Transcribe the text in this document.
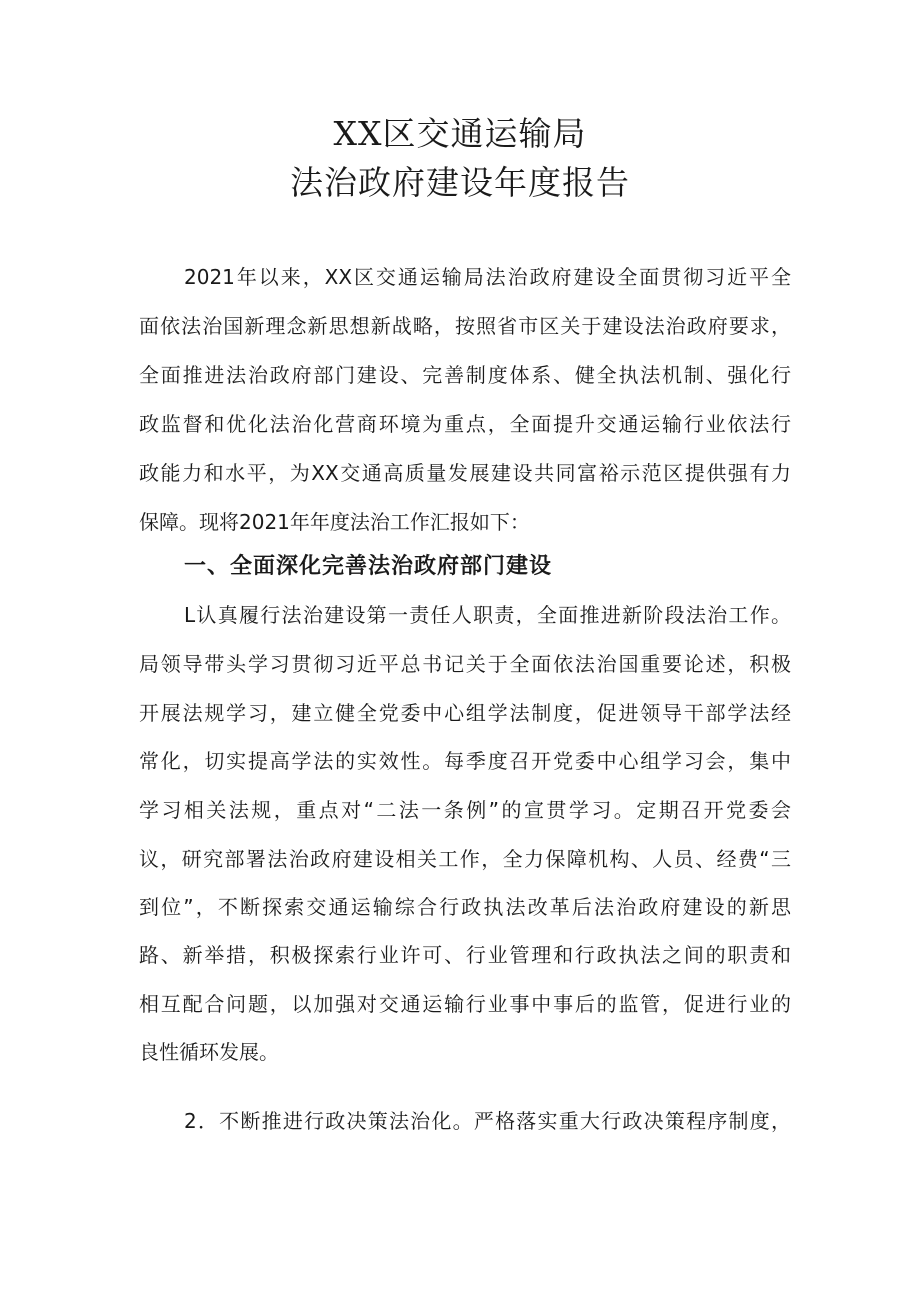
XX区交通运输局
法治政府建设年度报告
2021年以来，XX区交通运输局法治政府建设全面贯彻习近平全
面依法治国新理念新思想新战略，按照省市区关于建设法治政府要求，
全面推进法治政府部门建设、完善制度体系、健全执法机制、强化行
政监督和优化法治化营商环境为重点，全面提升交通运输行业依法行
政能力和水平，为XX交通高质量发展建设共同富裕示范区提供强有力
保障。现将2021年年度法治工作汇报如下：
一、全面深化完善法治政府部门建设
L认真履行法治建设第一责任人职责，全面推进新阶段法治工作。
局领导带头学习贯彻习近平总书记关于全面依法治国重要论述，积极
开展法规学习，建立健全党委中心组学法制度，促进领导干部学法经
常化，切实提高学法的实效性。每季度召开党委中心组学习会，集中
学习相关法规，重点对“二法一条例”的宣贯学习。定期召开党委会
议，研究部署法治政府建设相关工作，全力保障机构、人员、经费“三
到位”，不断探索交通运输综合行政执法改革后法治政府建设的新思
路、新举措，积极探索行业许可、行业管理和行政执法之间的职责和
相互配合问题，以加强对交通运输行业事中事后的监管，促进行业的
良性循环发展。
2．不断推进行政决策法治化。严格落实重大行政决策程序制度，
